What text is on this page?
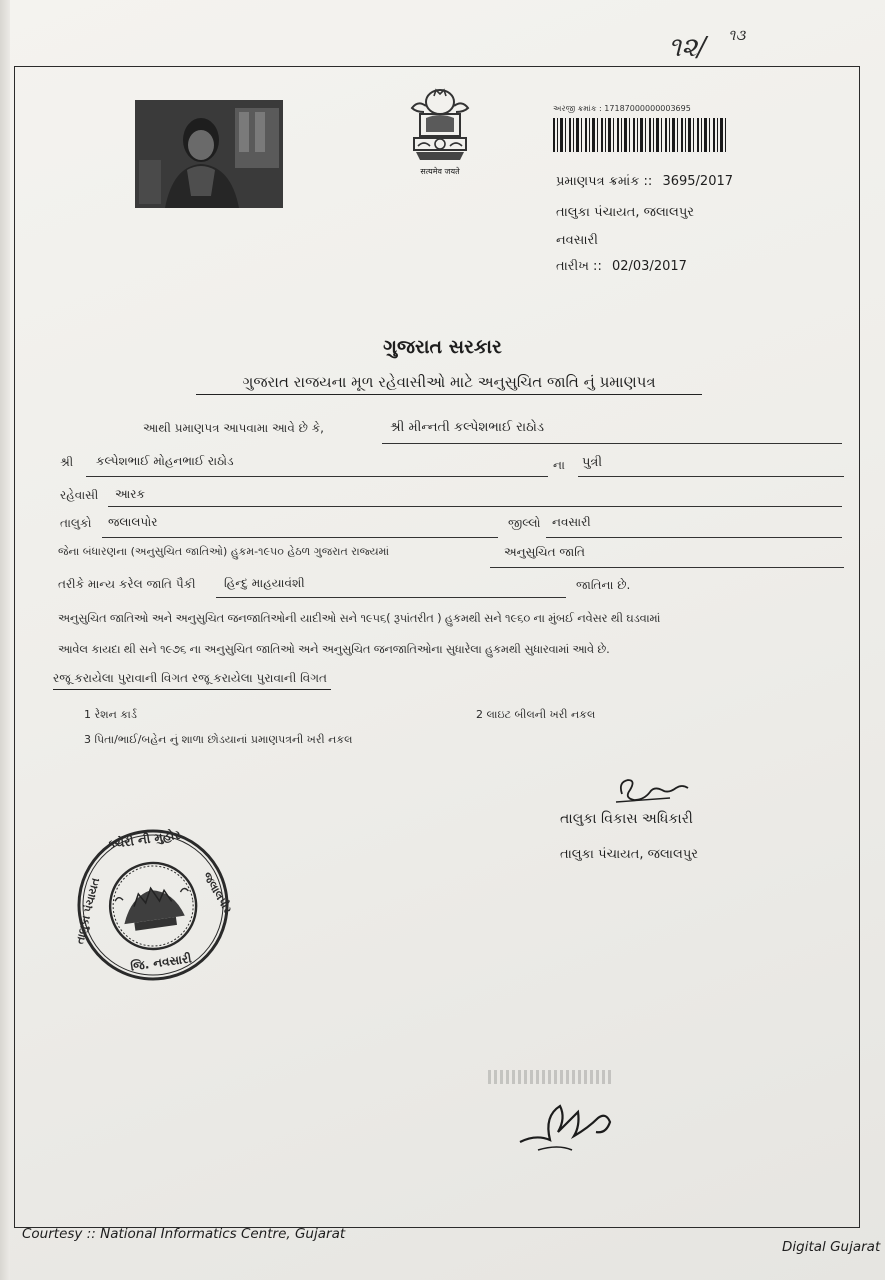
૧૨/ ૧૩
सत्यमेव जयते
અરજી ક્રમાંક : 17187000000003695
પ્રમાણપત્ર ક્રમાંક :: 3695/2017
તાલુકા પંચાયત, જલાલપુર
નવસારી
તારીખ :: 02/03/2017
ગુજરાત સરકાર
ગુજરાત રાજયના મૂળ રહેવાસીઓ માટે અનુસુચિત જાતિ નું પ્રમાણપત્ર
આથી પ્રમાણપત્ર આપવામા આવે છે કે,	શ્રી મીન્નતી કલ્પેશભાઈ રાઠોડ
શ્રી કલ્પેશભાઈ મોહનભાઈ રાઠોડ	ના પુત્રી
રહેવાસી આરક
તાલુકો જલાલપોર	જીલ્લો નવસારી
જેના બંધારણના (અનુસુચિત જાતિઓ) હુકમ-૧૯૫૦ હેઠળ ગુજરાત રાજ્યમાં	અનુસુચિત જાતિ
તરીકે માન્ય કરેલ જાતિ પૈકી હિન્દુ માહયાવંશી	જાતિના છે.
અનુસુચિત જાતિઓ અને અનુસુચિત જનજાતિઓની યાદીઓ સને ૧૯૫૬( રૂપાંતરીત ) હુકમથી સને ૧૯૬૦ ના મુંબઈ નવેસર થી ઘડવામાં
આવેલ કાયદા થી સને ૧૯૭૬ ના અનુસુચિત જાતિઓ અને અનુસુચિત જનજાતિઓના સુધારેલા હુકમથી સુધારવામાં આવે છે.
રજૂ કરાયેલા પુરાવાની વિગત રજૂ કરાયેલા પુરાવાની વિગત
1 રેશન કાર્ડ	2 લાઇટ બીલની ખરી નકલ
3 પિતા/ભાઈ/બહેન નું શાળા છોડયાનાં પ્રમાણપત્રની ખરી નકલ
તાલુકા વિકાસ અધિકારી
તાલુકા પંચાયત, જલાલપુર
ક્ચેરી ની મુહોર
તાલુકા પંચાયત	જલાલપોર
જિ. નવસારી
Courtesy :: National Informatics Centre, Gujarat
Digital Gujarat
